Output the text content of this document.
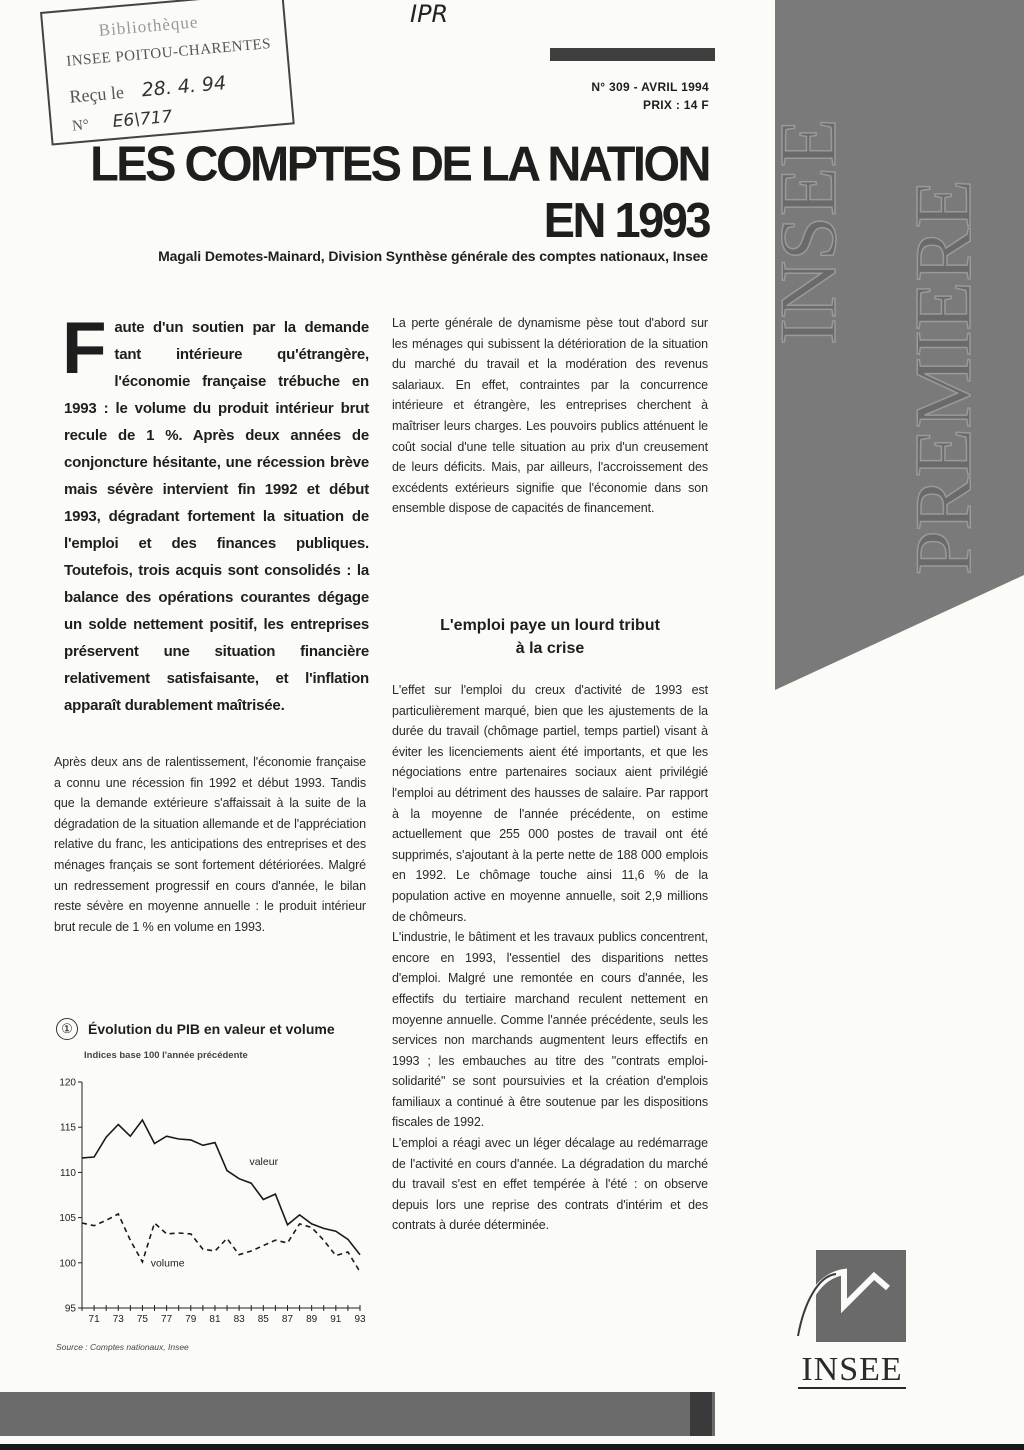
Bibliothèque
INSEE POITOU-CHARENTES
Reçu le 28. 4. 94
N° E6\717
IPR
N° 309 - AVRIL 1994
PRIX : 14 F
LES COMPTES DE LA NATION
EN 1993
Magali Demotes-Mainard, Division Synthèse générale des comptes nationaux, Insee
Faute d'un soutien par la demande tant intérieure qu'étrangère, l'économie française trébuche en 1993 : le volume du produit intérieur brut recule de 1 %. Après deux années de conjoncture hésitante, une récession brève mais sévère intervient fin 1992 et début 1993, dégradant fortement la situation de l'emploi et des finances publiques. Toutefois, trois acquis sont consolidés : la balance des opérations courantes dégage un solde nettement positif, les entreprises préservent une situation financière relativement satisfaisante, et l'inflation apparaît durablement maîtrisée.
Après deux ans de ralentissement, l'économie française a connu une récession fin 1992 et début 1993. Tandis que la demande extérieure s'affaissait à la suite de la dégradation de la situation allemande et de l'appréciation relative du franc, les anticipations des entreprises et des ménages français se sont fortement détériorées. Malgré un redressement progressif en cours d'année, le bilan reste sévère en moyenne annuelle : le produit intérieur brut recule de 1 % en volume en 1993.
La perte générale de dynamisme pèse tout d'abord sur les ménages qui subissent la détérioration de la situation du marché du travail et la modération des revenus salariaux. En effet, contraintes par la concurrence intérieure et étrangère, les entreprises cherchent à maîtriser leurs charges. Les pouvoirs publics atténuent le coût social d'une telle situation au prix d'un creusement de leurs déficits. Mais, par ailleurs, l'accroissement des excédents extérieurs signifie que l'économie dans son ensemble dispose de capacités de financement.
L'emploi paye un lourd tribut
à la crise
L'effet sur l'emploi du creux d'activité de 1993 est particulièrement marqué, bien que les ajustements de la durée du travail (chômage partiel, temps partiel) visant à éviter les licenciements aient été importants, et que les négociations entre partenaires sociaux aient privilégié l'emploi au détriment des hausses de salaire. Par rapport à la moyenne de l'année précédente, on estime actuellement que 255 000 postes de travail ont été supprimés, s'ajoutant à la perte nette de 188 000 emplois en 1992. Le chômage touche ainsi 11,6 % de la population active en moyenne annuelle, soit 2,9 millions de chômeurs.
L'industrie, le bâtiment et les travaux publics concentrent, encore en 1993, l'essentiel des disparitions nettes d'emploi. Malgré une remontée en cours d'année, les effectifs du tertiaire marchand reculent nettement en moyenne annuelle. Comme l'année précédente, seuls les services non marchands augmentent leurs effectifs en 1993 ; les embauches au titre des "contrats emploi-solidarité" se sont poursuivies et la création d'emplois familiaux a continué à être soutenue par les dispositions fiscales de 1992.
L'emploi a réagi avec un léger décalage au redémarrage de l'activité en cours d'année. La dégradation du marché du travail s'est en effet tempérée à l'été : on observe depuis lors une reprise des contrats d'intérim et des contrats à durée déterminée.
①	Évolution du PIB en valeur et volume
Indices base 100 l'année précédente
95
100
105
110
115
120
71 73 75 77 79 81 83 85 87 89 91 93
valeur
volume
Source : Comptes nationaux, Insee
INSEE PREMIERE
INSEE
